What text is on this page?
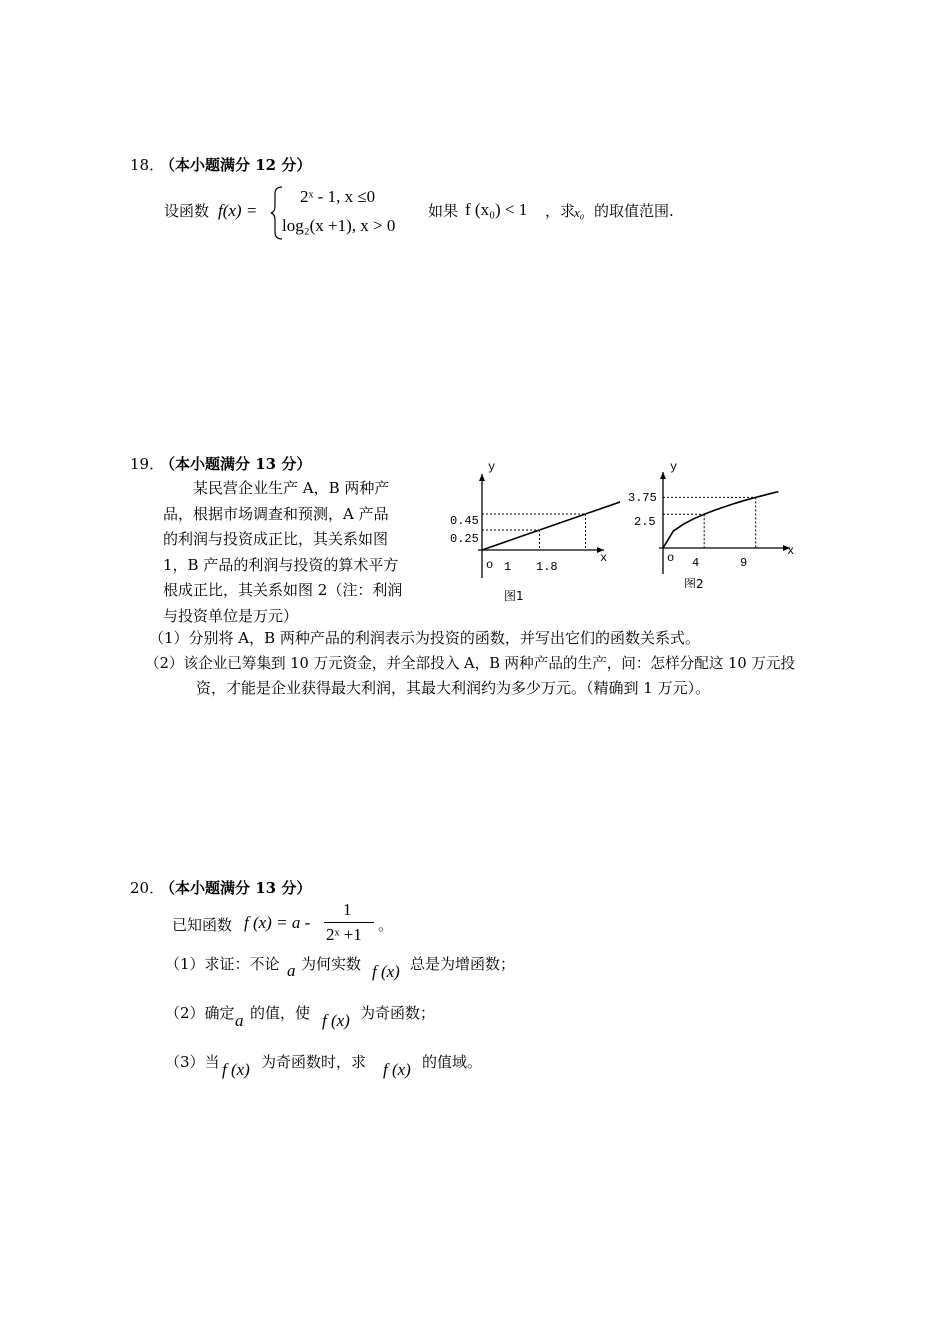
18．
（本小题满分 12 分）
设函数 f(x) =
2ˣ - 1, x ≤0
log₂(x +1), x > 0
如果 f (x₀) < 1 ，求
x₀ 的取值范围.
19．
（本小题满分 13 分）
　　某民营企业生产 A，B 两种产
品，根据市场调查和预测，A 产品
的利润与投资成正比，其关系如图
1，B 产品的利润与投资的算术平方
根成正比，其关系如图 2（注：利润
与投资单位是万元）
y
x
o 1 1.8
0.45
0.25
图1
y
x
o 4	9
3.75
2.5
图2
（1）分别将 A，B 两种产品的利润表示为投资的函数，并写出它们的函数关系式。
（2）该企业已筹集到 10 万元资金，并全部投入 A，B 两种产品的生产，问：怎样分配这 10 万元投
资，才能是企业获得最大利润，其最大利润约为多少万元。（精确到 1 万元）。
20．
（本小题满分 13 分）
已知函数 f (x) = a -
1
2ˣ +1 。
（1）求证：不论 a 为何实数 f (x) 总是为增函数；
（2）确定 a 的值，使 f (x) 为奇函数；
（3）当 f (x) 为奇函数时，求 f (x) 的值域。
